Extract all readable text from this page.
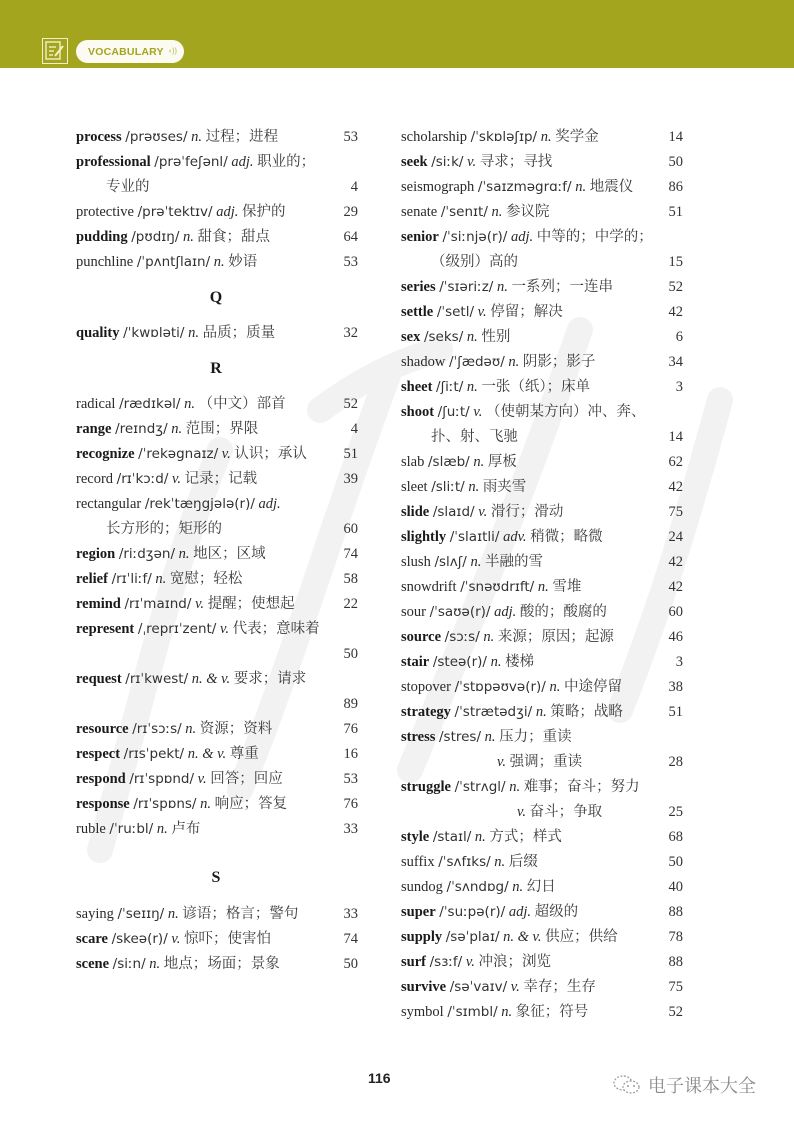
VOCABULARY ◖))
process /prəʊses/ n. 过程；进程	53
professional /prəˈfeʃənl/ adj. 职业的；
专业的	4
protective /prəˈtektɪv/ adj. 保护的	29
pudding /pʊdɪŋ/ n. 甜食；甜点	64
punchline /ˈpʌntʃlaɪn/ n. 妙语	53
Q
quality /ˈkwɒləti/ n. 品质；质量	32
R
radical /rædɪkəl/ n. （中文）部首	52
range /reɪndʒ/ n. 范围；界限	4
recognize /ˈrekəgnaɪz/ v. 认识；承认	51
record /rɪˈkɔːd/ v. 记录；记载	39
rectangular /rekˈtæŋgjələ(r)/ adj.
长方形的；矩形的	60
region /riːdʒən/ n. 地区；区域	74
relief /rɪˈliːf/ n. 宽慰；轻松	58
remind /rɪˈmaɪnd/ v. 提醒；使想起	22
represent /ˌreprɪˈzent/ v. 代表；意味着
50
request /rɪˈkwest/ n. & v. 要求；请求
89
resource /rɪˈsɔːs/ n. 资源；资料	76
respect /rɪsˈpekt/ n. & v. 尊重	16
respond /rɪˈspɒnd/ v. 回答；回应	53
response /rɪˈspɒns/ n. 响应；答复	76
ruble /ˈruːbl/ n. 卢布	33
S
saying /ˈseɪɪŋ/ n. 谚语；格言；警句	33
scare /skeə(r)/ v. 惊吓；使害怕	74
scene /siːn/ n. 地点；场面；景象	50
scholarship /ˈskɒləʃɪp/ n. 奖学金	14
seek /siːk/ v. 寻求；寻找	50
seismograph /ˈsaɪzməgrɑːf/ n. 地震仪 86
senate /ˈsenɪt/ n. 参议院	51
senior /ˈsiːnjə(r)/ adj. 中等的；中学的；
（级别）高的	15
series /ˈsɪəriːz/ n. 一系列；一连串	52
settle /ˈsetl/ v. 停留；解决	42
sex /seks/ n. 性别	6
shadow /ˈʃædəʊ/ n. 阴影；影子	34
sheet /ʃiːt/ n. 一张（纸）；床单	3
shoot /ʃuːt/ v. （使朝某方向）冲、奔、
扑、射、飞驰	14
slab /slæb/ n. 厚板	62
sleet /sliːt/ n. 雨夹雪	42
slide /slaɪd/ v. 滑行；滑动	75
slightly /ˈslaɪtli/ adv. 稍微；略微	24
slush /slʌʃ/ n. 半融的雪	42
snowdrift /ˈsnəʊdrɪft/ n. 雪堆	42
sour /ˈsaʊə(r)/ adj. 酸的；酸腐的	60
source /sɔːs/ n. 来源；原因；起源	46
stair /steə(r)/ n. 楼梯	3
stopover /ˈstɒpəʊvə(r)/ n. 中途停留	38
strategy /ˈstrætədʒi/ n. 策略；战略	51
stress /stres/ n. 压力；重读
v. 强调；重读	28
struggle /ˈstrʌgl/ n. 难事；奋斗；努力
v. 奋斗；争取	25
style /staɪl/ n. 方式；样式	68
suffix /ˈsʌfɪks/ n. 后缀	50
sundog /ˈsʌndɒg/ n. 幻日	40
super /ˈsuːpə(r)/ adj. 超级的	88
supply /səˈplaɪ/ n. & v. 供应；供给	78
surf /sɜːf/ v. 冲浪；浏览	88
survive /səˈvaɪv/ v. 幸存；生存	75
symbol /ˈsɪmbl/ n. 象征；符号	52
116	电子课本大全
